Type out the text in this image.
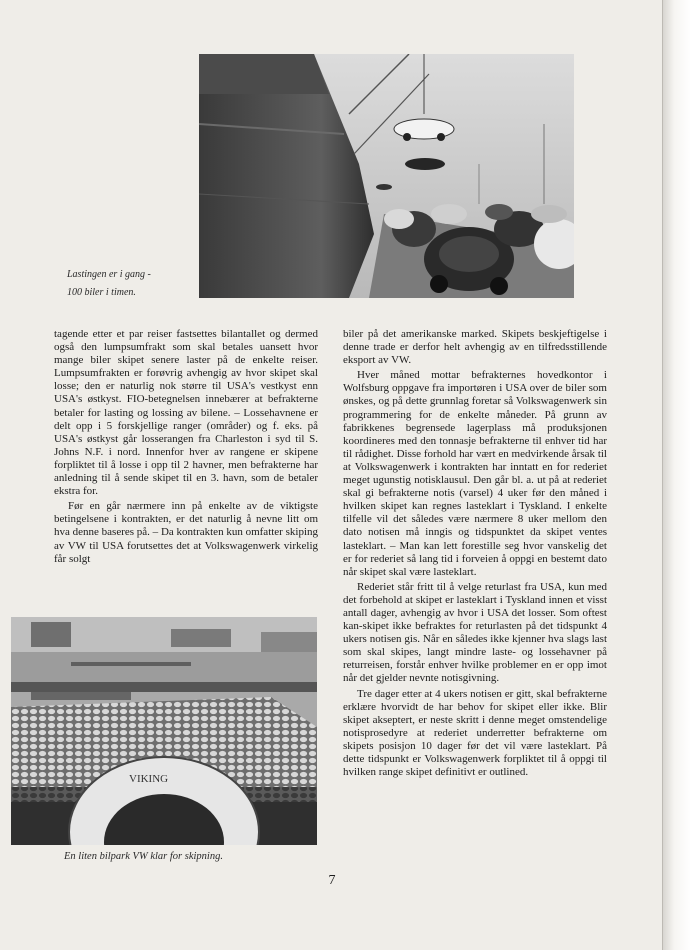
Lastingen er i gang -
100 biler i timen.

tagende etter et par reiser fastsettes bilantallet og dermed også den lumpsumfrakt som skal betales uansett hvor mange biler skipet senere laster på de enkelte reiser. Lumpsumfrakten er forøvrig avhengig av hvor skipet skal losse; den er naturlig nok større til USA's vestkyst enn USA's østkyst. FIO-betegnelsen innebærer at befrakterne betaler for lasting og lossing av bilene. – Lossehavnene er delt opp i 5 forskjellige ranger (områder) og f. eks. på USA's østkyst går losserangen fra Charleston i syd til S. Johns N.F. i nord. Innenfor hver av rangene er skipene forpliktet til å losse i opp til 2 havner, men befrakterne har anledning til å sende skipet til en 3. havn, som de betaler ekstra for.

Før en går nærmere inn på enkelte av de viktigste betingelsene i kontrakten, er det naturlig å nevne litt om hva denne baseres på. – Da kontrakten kun omfatter skiping av VW til USA forutsettes det at Volkswagenwerk virkelig får solgt

VIKING
En liten bilpark VW klar for skipning.

biler på det amerikanske marked. Skipets beskjeftigelse i denne trade er derfor helt avhengig av en tilfredsstillende eksport av VW.

Hver måned mottar befrakternes hovedkontor i Wolfsburg oppgave fra importøren i USA over de biler som ønskes, og på dette grunnlag foretar så Volkswagenwerk sin programmering for de enkelte måneder. På grunn av fabrikkenes begrensede lagerplass må produksjonen koordineres med den tonnasje befrakterne til enhver tid har til rådighet. Disse forhold har vært en medvirkende årsak til at Volkswagenwerk i kontrakten har inntatt en for rederiet meget ugunstig notisklausul. Den går bl. a. ut på at rederiet skal gi befrakterne notis (varsel) 4 uker før den måned i hvilken skipet kan regnes lasteklart i Tyskland. I enkelte tilfelle vil det således være nærmere 8 uker mellom den dato notisen må inngis og tidspunktet da skipet ventes lasteklart. – Man kan lett forestille seg hvor vanskelig det er for rederiet så lang tid i forveien å oppgi en bestemt dato når skipet skal være lasteklart.

Rederiet står fritt til å velge returlast fra USA, kun med det forbehold at skipet er lasteklart i Tyskland innen et visst antall dager, avhengig av hvor i USA det losser. Som oftest kan-skipet ikke befraktes for returlasten på det tidspunkt 4 ukers notisen gis. Når en således ikke kjenner hva slags last som skal skipes, langt mindre laste- og lossehavner på returreisen, forstår enhver hvilke problemer en er opp imot når det gjelder nevnte notisgivning.

Tre dager etter at 4 ukers notisen er gitt, skal befrakterne erklære hvorvidt de har behov for skipet eller ikke. Blir skipet akseptert, er neste skritt i denne meget omstendelige notisprosedyre at rederiet underretter befrakterne om skipets posisjon 10 dager før det vil være lasteklart. På dette tidspunkt er Volkswagenwerk forpliktet til å oppgi til hvilken range skipet definitivt er outlined.

7
